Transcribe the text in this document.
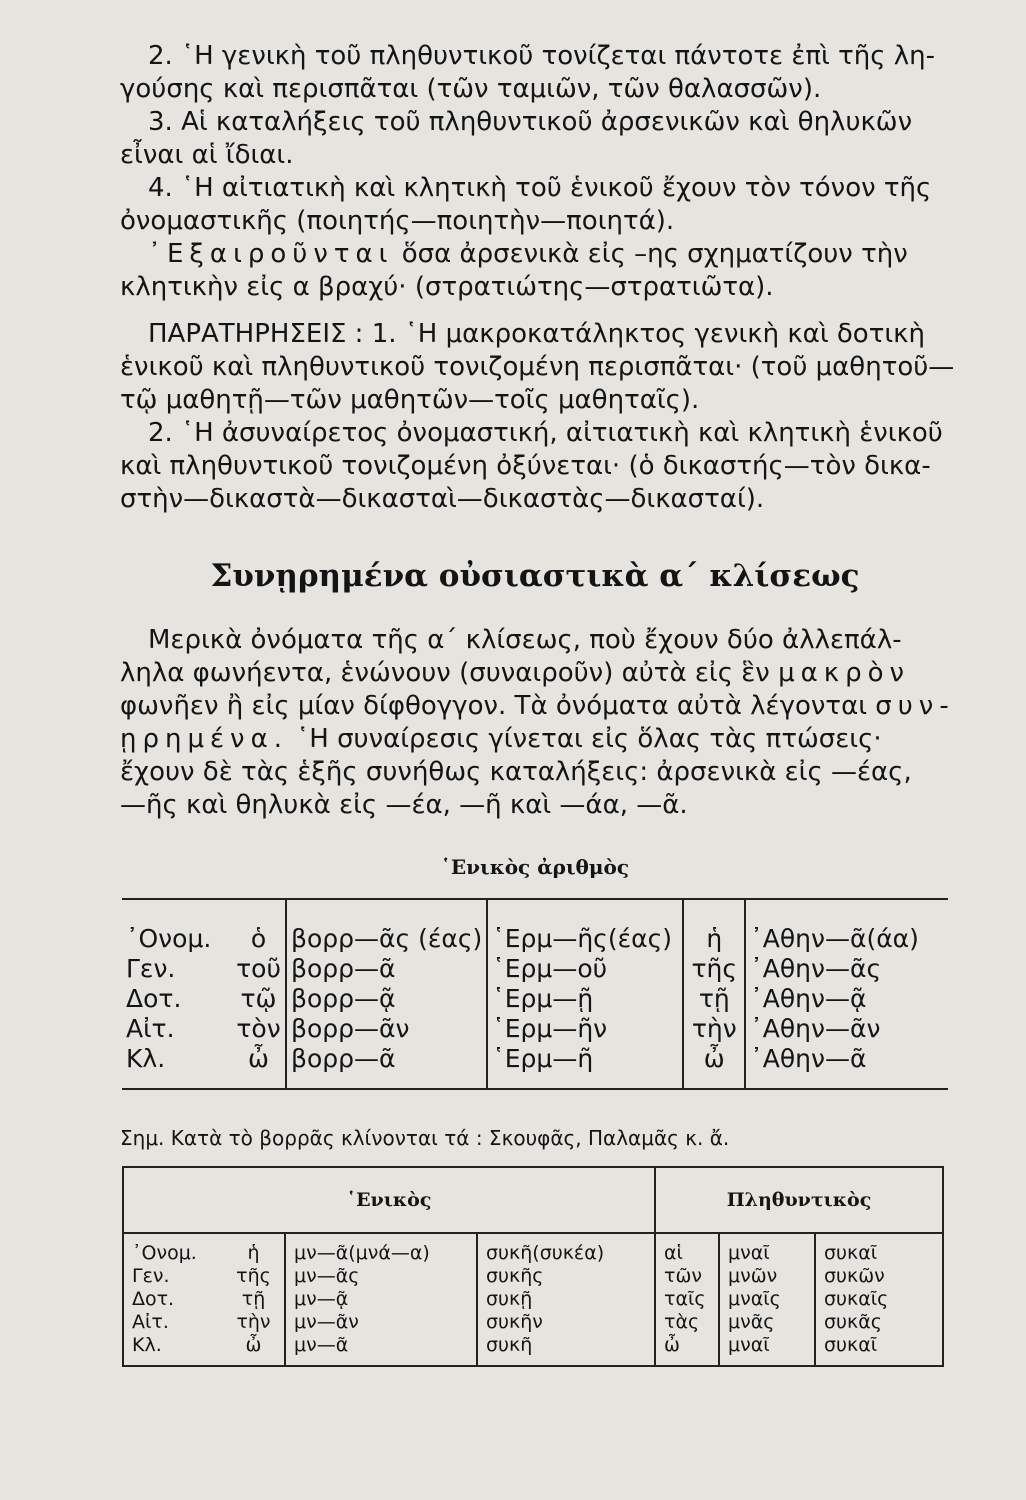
2. ῾Η γενικὴ τοῦ πληθυντικοῦ τονίζεται πάντοτε ἐπὶ τῆς λη-
γούσης καὶ περισπᾶται (τῶν ταμιῶν, τῶν θαλασσῶν).
3. Αἱ καταλήξεις τοῦ πληθυντικοῦ ἀρσενικῶν καὶ θηλυκῶν
εἶναι αἱ ἴδιαι.
4. ῾Η αἰτιατικὴ καὶ κλητικὴ τοῦ ἑνικοῦ ἔχουν τὸν τόνον τῆς
ὀνομαστικῆς (ποιητής—ποιητὴν—ποιητά).
᾽Εξαιροῦνται ὅσα ἀρσενικὰ εἰς –ης σχηματίζουν τὴν
κλητικὴν εἰς α βραχύ· (στρατιώτης—στρατιῶτα).
ΠΑΡΑΤΗΡΗΣΕΙΣ : 1. ῾Η μακροκατάληκτος γενικὴ καὶ δοτικὴ
ἑνικοῦ καὶ πληθυντικοῦ τονιζομένη περισπᾶται· (τοῦ μαθητοῦ—
τῷ μαθητῇ—τῶν μαθητῶν—τοῖς μαθηταῖς).
2. ῾Η ἀσυναίρετος ὀνομαστική, αἰτιατικὴ καὶ κλητικὴ ἑνικοῦ
καὶ πληθυντικοῦ τονιζομένη ὀξύνεται· (ὁ δικαστής—τὸν δικα-
στὴν—δικαστὰ—δικασταὶ—δικαστὰς—δικασταί).
Συνῃρημένα οὐσιαστικὰ α΄ κλίσεως
Μερικὰ ὀνόματα τῆς α΄ κλίσεως, ποὺ ἔχουν δύο ἀλλεπάλ-
ληλα φωνήεντα, ἑνώνουν (συναιροῦν) αὐτὰ εἰς ἓν μακρὸν
φωνῆεν ἢ εἰς μίαν δίφθογγον. Τὰ ὀνόματα αὐτὰ λέγονται συν-
ῃρημένα. ῾Η συναίρεσις γίνεται εἰς ὅλας τὰς πτώσεις·
ἔχουν δὲ τὰς ἑξῆς συνήθως καταλήξεις: ἀρσενικὰ εἰς —έας,
—ῆς καὶ θηλυκὰ εἰς —έα, —ῆ καὶ —άα, —ᾶ.
῾Ενικὸς ἀριθμὸς

᾽Ονομ.	ὁ	βορρ—ᾶς (έας)	῾Ερμ—ῆς(έας)	ἡ	᾽Αθην—ᾶ(άα)
Γεν.	τοῦ	βορρ—ᾶ	῾Ερμ—οῦ	τῆς	᾽Αθην—ᾶς
Δοτ.	τῷ	βορρ—ᾷ	῾Ερμ—ῇ	τῇ	᾽Αθην—ᾷ
Αἰτ.	τὸν	βορρ—ᾶν	῾Ερμ—ῆν	τὴν	᾽Αθην—ᾶν
Κλ.	ὦ	βορρ—ᾶ	῾Ερμ—ῆ	ὦ	᾽Αθην—ᾶ

Σημ. Κατὰ τὸ βορρᾶς κλίνονται τά : Σκουφᾶς, Παλαμᾶς κ. ἄ.

῾Ενικὸς				Πληθυντικὸς		
᾽Ονομ.	ἡ	μν—ᾶ(μνά—α)	συκῆ(συκέα)	αἱ	μναῖ	συκαῖ
Γεν.	τῆς	μν—ᾶς	συκῆς	τῶν	μνῶν	συκῶν
Δοτ.	τῇ	μν—ᾷ	συκῇ	ταῖς	μναῖς	συκαῖς
Αἰτ.	τὴν	μν—ᾶν	συκῆν	τὰς	μνᾶς	συκᾶς
Κλ.	ὦ	μν—ᾶ	συκῆ	ὦ	μναῖ	συκαῖ
